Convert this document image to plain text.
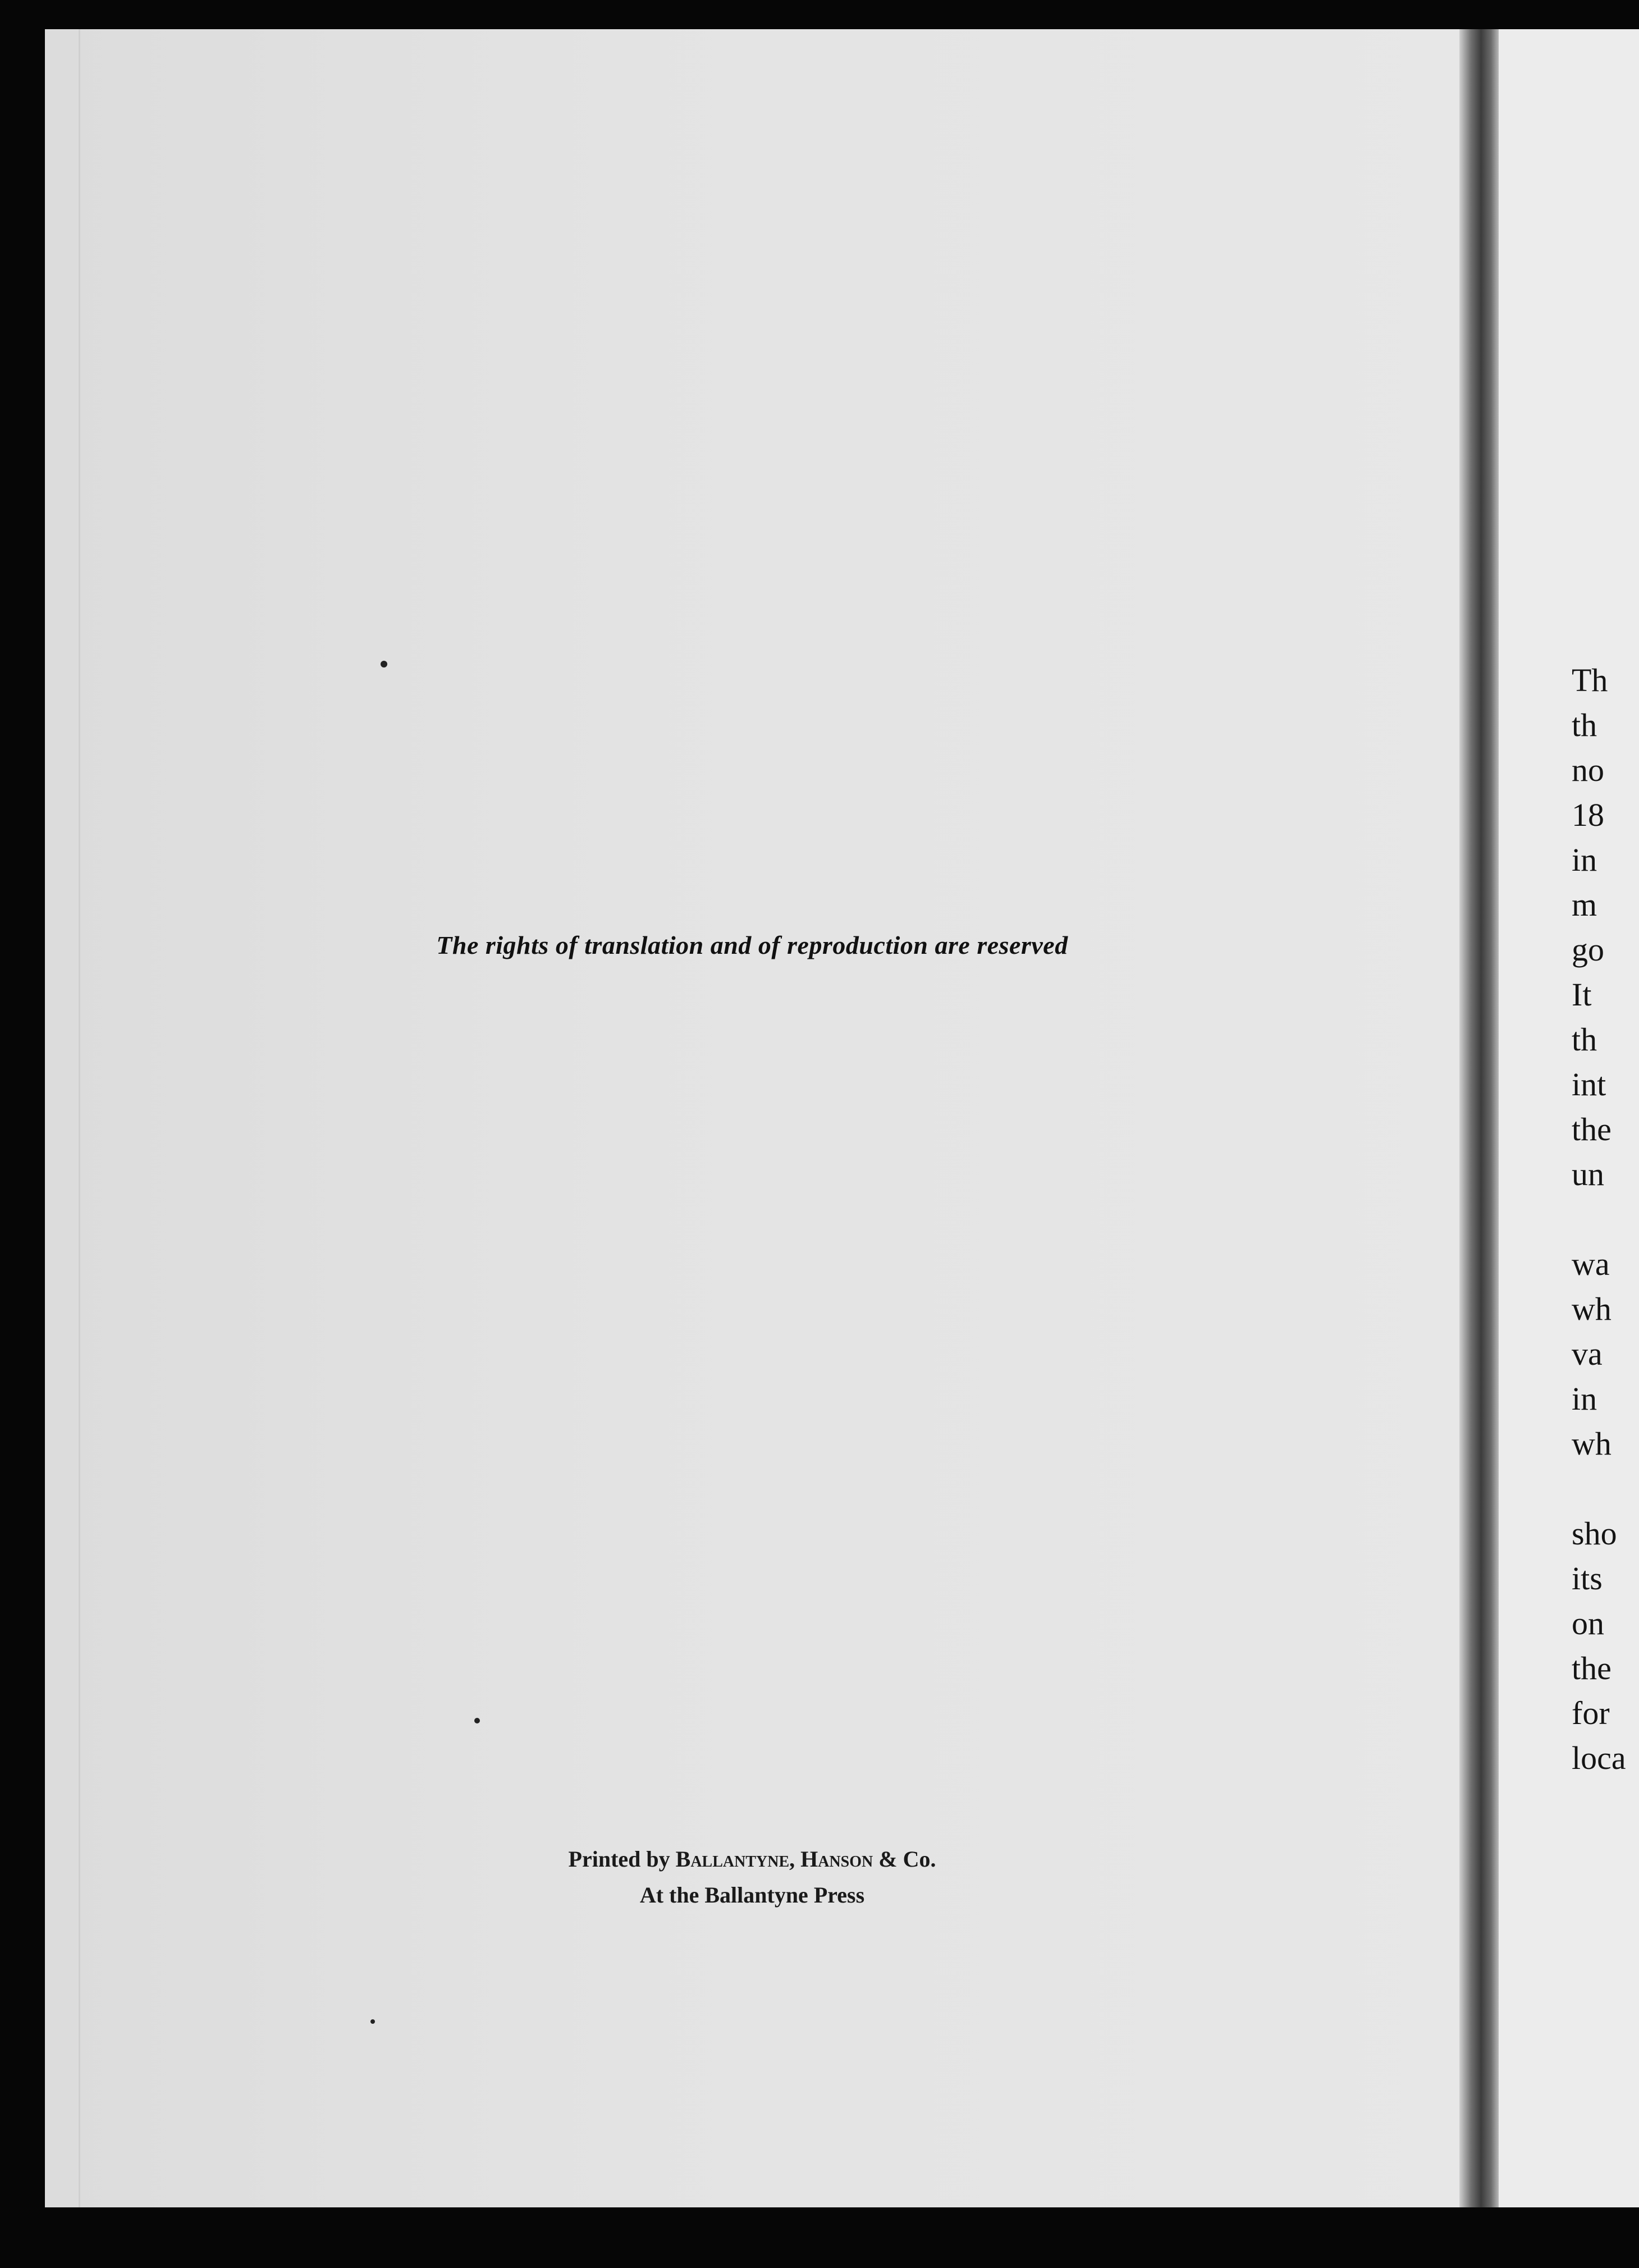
The rights of translation and of reproduction are reserved
Printed by Ballantyne, Hanson & Co.
At the Ballantyne Press
Th
th
no
18
in
m
go
It
th
int
the
un
wa
wh
va
in
wh
sho
its
on
the
for
loca
